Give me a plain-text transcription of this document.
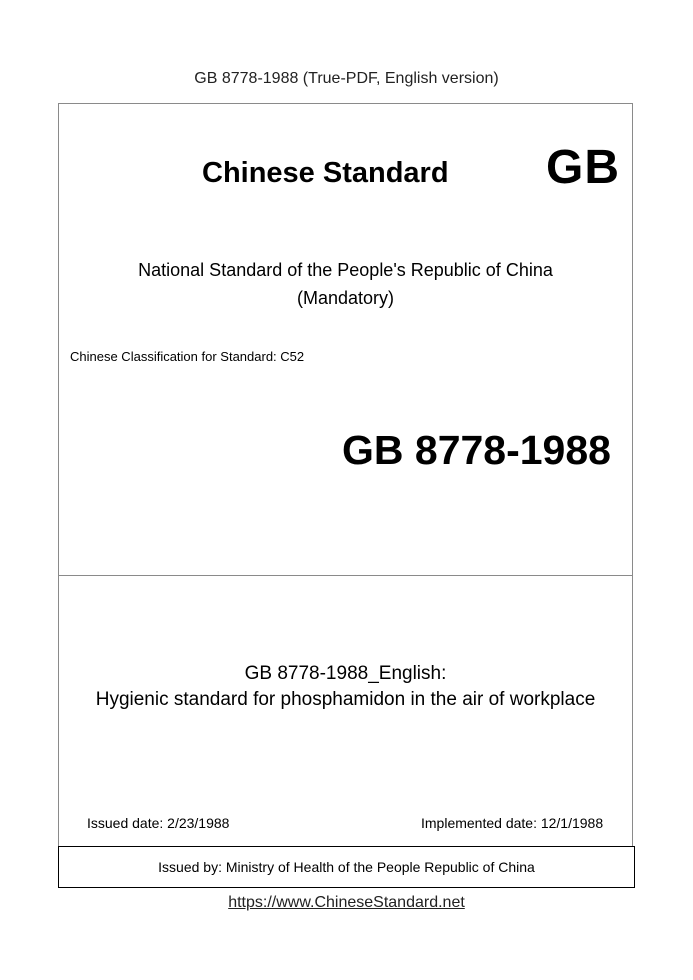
GB 8778-1988 (True-PDF, English version)
Chinese Standard GB
National Standard of the People's Republic of China
(Mandatory)
Chinese Classification for Standard: C52
GB 8778-1988
GB 8778-1988_English:
Hygienic standard for phosphamidon in the air of workplace
Issued date: 2/23/1988	Implemented date: 12/1/1988
Issued by: Ministry of Health of the People Republic of China
https://www.ChineseStandard.net
